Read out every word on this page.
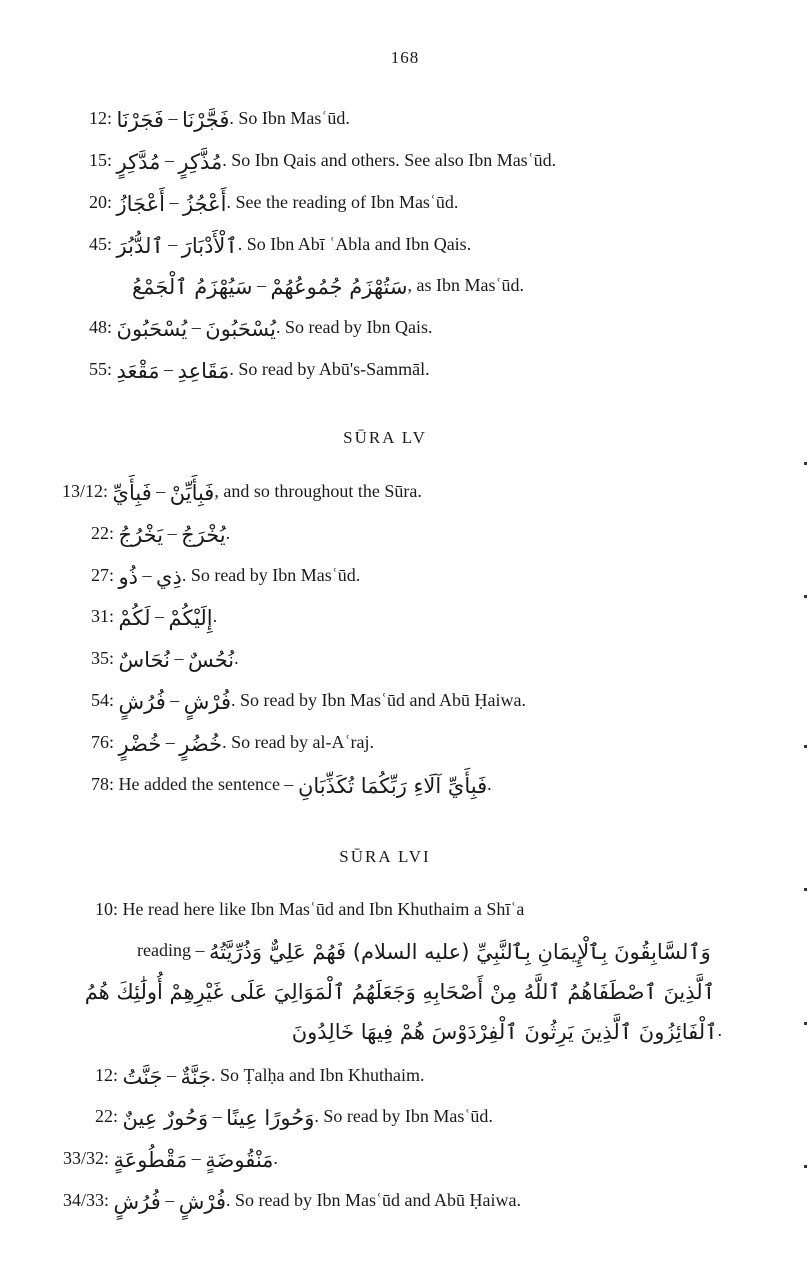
168
12: فَجَرْنَا – فَجَّرْنَا. So Ibn Masʿūd.
15: مُدَّكِرٍ – مُذَّكِرٍ. So Ibn Qais and others. See also Ibn Masʿūd.
20: أَعْجَازُ – أَعْجُزُ. See the reading of Ibn Masʿūd.
45: ٱلدُّبُرَ – ٱلْأَدْبَارَ. So Ibn Abī ʿAbla and Ibn Qais.
سَيُهْزَمُ ٱلْجَمْعُ – سَتُهْزَمُ جُمُوعُهُمْ, as Ibn Masʿūd.
48: يُسْحَبُونَ – يُسْحَبُونَ. So read by Ibn Qais.
55: مَقْعَدِ – مَقَاعِدِ. So read by Abū's-Sammāl.
SŪRA LV
13/12: فَبِأَيِّ – فَبِأَيِّنْ, and so throughout the Sūra.
22: يَخْرُجُ – يُخْرَجُ.
27: ذُو – ذِي. So read by Ibn Masʿūd.
31: لَكُمْ – إِلَيْكُمْ.
35: نُحَاسٌ – نُحُسٌ.
54: فُرُشٍ – فُرْشٍ. So read by Ibn Masʿūd and Abū Ḥaiwa.
76: خُضْرٍ – خُضُرٍ. So read by al-Aʿraj.
78: He added the sentence – فَبِأَيِّ آلَاءِ رَبِّكُمَا تُكَذِّبَانِ.
SŪRA LVI
10: He read here like Ibn Masʿūd and Ibn Khuthaim a Shīʿa
reading – وَٱلسَّابِقُونَ بِٱلْإِيمَانِ بِٱلنَّبِيِّ (عليه السلام) فَهُمْ عَلِيٌّ وَذُرِّيَّتُهُ
ٱلَّذِينَ ٱصْطَفَاهُمُ ٱللَّهُ مِنْ أَصْحَابِهِ وَجَعَلَهُمُ ٱلْمَوَالِيَ عَلَى غَيْرِهِمْ أُولَٰئِكَ هُمُ
ٱلْفَائِزُونَ ٱلَّذِينَ يَرِثُونَ ٱلْفِرْدَوْسَ هُمْ فِيهَا خَالِدُونَ.
12: جَنَّتُ – جَنَّةٌ. So Ṭalḥa and Ibn Khuthaim.
22: وَحُورٌ عِينٌ – وَحُورًا عِينًا. So read by Ibn Masʿūd.
33/32: مَقْطُوعَةٍ – مَنْقُوضَةٍ.
34/33: فُرُشٍ – فُرْشٍ. So read by Ibn Masʿūd and Abū Ḥaiwa.
